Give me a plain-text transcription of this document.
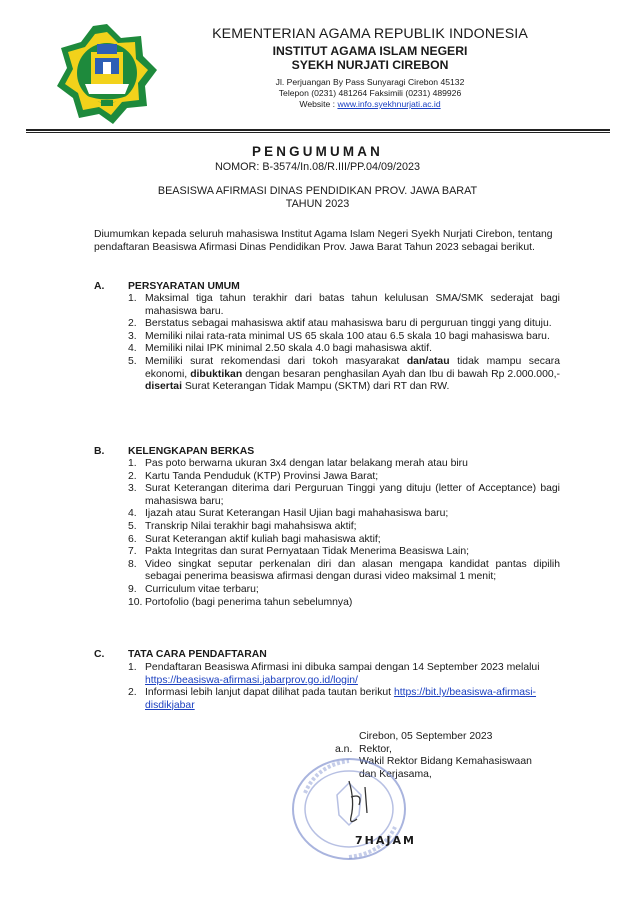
KEMENTERIAN AGAMA REPUBLIK INDONESIA
INSTITUT AGAMA ISLAM NEGERI
SYEKH NURJATI CIREBON
Jl. Perjuangan By Pass Sunyaragi Cirebon 45132
Telepon (0231) 481264 Faksimili (0231) 489926
Website : www.info.syekhnurjati.ac.id
PENGUMUMAN
NOMOR: B-3574/In.08/R.III/PP.04/09/2023
BEASISWA AFIRMASI DINAS PENDIDIKAN PROV. JAWA BARAT
TAHUN 2023
Diumumkan kepada seluruh mahasiswa Institut Agama Islam Negeri Syekh Nurjati Cirebon, tentang pendaftaran Beasiswa Afirmasi Dinas Pendidikan Prov. Jawa Barat Tahun 2023 sebagai berikut.
A. PERSYARATAN UMUM
1. Maksimal tiga tahun terakhir dari batas tahun kelulusan SMA/SMK sederajat bagi mahasiswa baru.
2. Berstatus sebagai mahasiswa aktif atau mahasiswa baru di perguruan tinggi yang dituju.
3. Memiliki nilai rata-rata minimal US 65 skala 100 atau 6.5 skala 10 bagi mahasiswa baru.
4. Memiliki nilai IPK minimal 2.50 skala 4.0 bagi mahasiswa aktif.
5. Memiliki surat rekomendasi dari tokoh masyarakat dan/atau tidak mampu secara ekonomi, dibuktikan dengan besaran penghasilan Ayah dan Ibu di bawah Rp 2.000.000,- disertai Surat Keterangan Tidak Mampu (SKTM) dari RT dan RW.
B. KELENGKAPAN BERKAS
1. Pas poto berwarna ukuran 3x4 dengan latar belakang merah atau biru
2. Kartu Tanda Penduduk (KTP) Provinsi Jawa Barat;
3. Surat Keterangan diterima dari Perguruan Tinggi yang dituju (letter of Acceptance) bagi mahasiswa baru;
4. Ijazah atau Surat Keterangan Hasil Ujian bagi mahahasiswa baru;
5. Transkrip Nilai terakhir bagi mahahsiswa aktif;
6. Surat Keterangan aktif kuliah bagi mahasiswa aktif;
7. Pakta Integritas dan surat Pernyataan Tidak Menerima Beasiswa Lain;
8. Video singkat seputar perkenalan diri dan alasan mengapa kandidat pantas dipilih sebagai penerima beasiswa afirmasi dengan durasi video maksimal 1 menit;
9. Curriculum vitae terbaru;
10. Portofolio (bagi penerima tahun sebelumnya)
C. TATA CARA PENDAFTARAN
1. Pendaftaran Beasiswa Afirmasi ini dibuka sampai dengan 14 September 2023 melalui https://beasiswa-afirmasi.jabarprov.go.id/login/
2. Informasi lebih lanjut dapat dilihat pada tautan berikut https://bit.ly/beasiswa-afirmasi-disdikjabar
Cirebon, 05 September 2023
a.n. Rektor,
Wakil Rektor Bidang Kemahasiswaan
dan Kerjasama,
7HAJAM
